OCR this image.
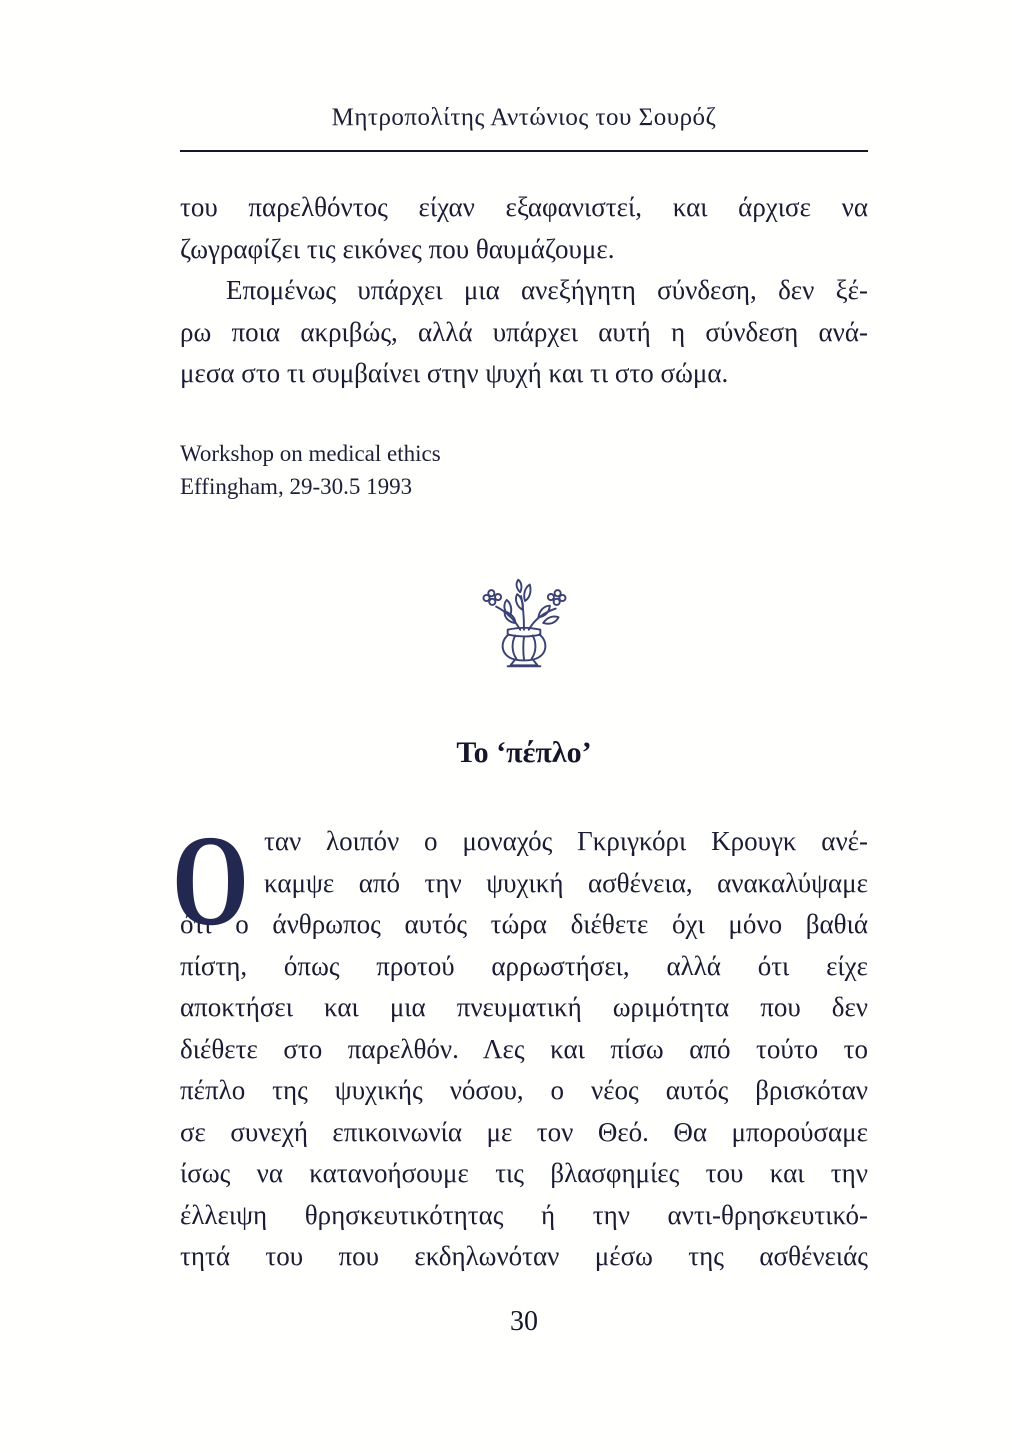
Μητροπολίτης Αντώνιος του Σουρόζ
του παρελθόντος είχαν εξαφανιστεί, και άρχισε να
ζωγραφίζει τις εικόνες που θαυμάζουμε.
Επομένως υπάρχει μια ανεξήγητη σύνδεση, δεν ξέ-
ρω ποια ακριβώς, αλλά υπάρχει αυτή η σύνδεση ανά-
μεσα στο τι συμβαίνει στην ψυχή και τι στο σώμα.
Workshop on medical ethics
Effingham, 29-30.5 1993
Το ‘πέπλο’
Ο ταν λοιπόν ο μοναχός Γκριγκόρι Κρουγκ ανέ-
καμψε από την ψυχική ασθένεια, ανακαλύψαμε
ότι ο άνθρωπος αυτός τώρα διέθετε όχι μόνο βαθιά
πίστη, όπως προτού αρρωστήσει, αλλά ότι είχε
αποκτήσει και μια πνευματική ωριμότητα που δεν
διέθετε στο παρελθόν. Λες και πίσω από τούτο το
πέπλο της ψυχικής νόσου, ο νέος αυτός βρισκόταν
σε συνεχή επικοινωνία με τον Θεό. Θα μπορούσαμε
ίσως να κατανοήσουμε τις βλασφημίες του και την
έλλειψη θρησκευτικότητας ή την αντι-θρησκευτικό-
τητά του που εκδηλωνόταν μέσω της ασθένειάς
30
